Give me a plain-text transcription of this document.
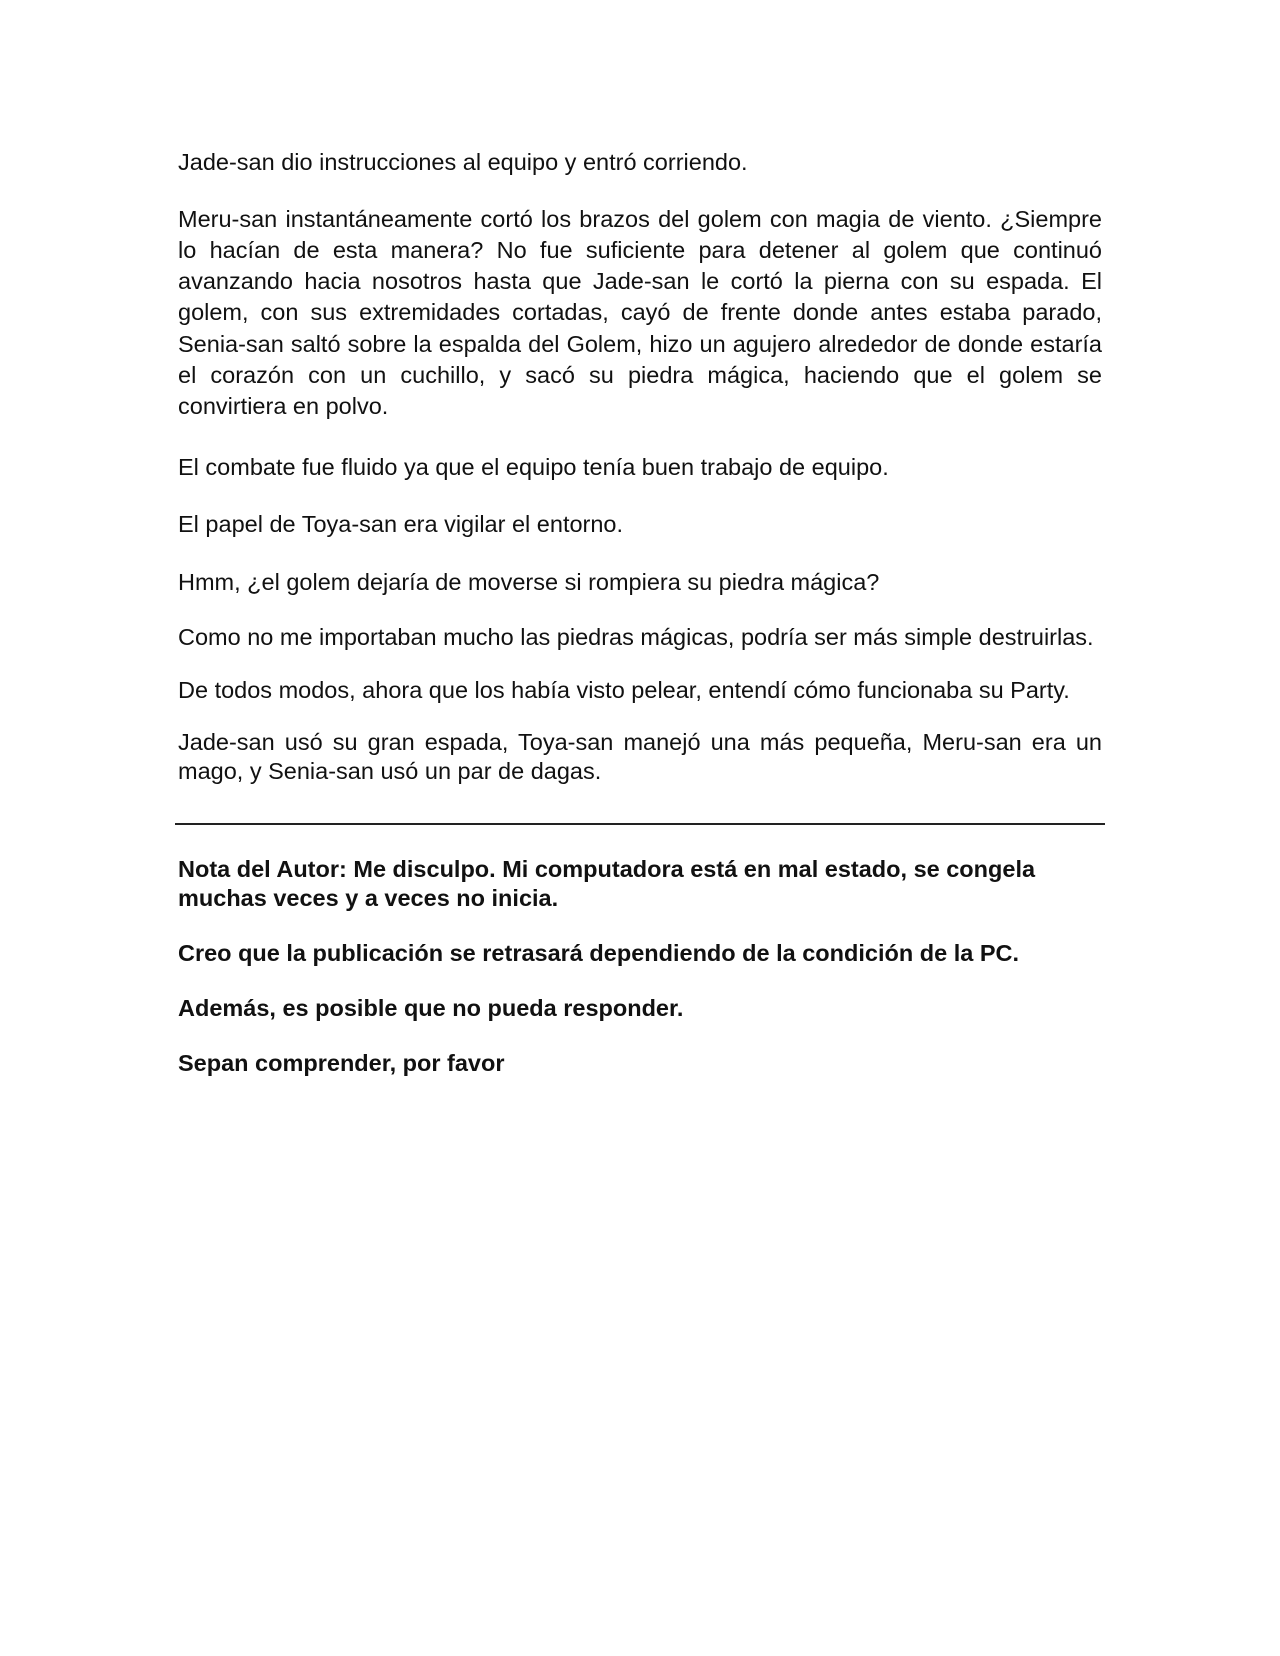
Jade-san dio instrucciones al equipo y entró corriendo.

Meru-san instantáneamente cortó los brazos del golem con magia de viento. ¿Siempre lo hacían de esta manera? No fue suficiente para detener al golem que continuó avanzando hacia nosotros hasta que Jade-san le cortó la pierna con su espada. El golem, con sus extremidades cortadas, cayó de frente donde antes estaba parado, Senia-san saltó sobre la espalda del Golem, hizo un agujero alrededor de donde estaría el corazón con un cuchillo, y sacó su piedra mágica, haciendo que el golem se convirtiera en polvo.

El combate fue fluido ya que el equipo tenía buen trabajo de equipo.

El papel de Toya-san era vigilar el entorno.

Hmm, ¿el golem dejaría de moverse si rompiera su piedra mágica?

Como no me importaban mucho las piedras mágicas, podría ser más simple destruirlas.

De todos modos, ahora que los había visto pelear, entendí cómo funcionaba su Party.

Jade-san usó su gran espada, Toya-san manejó una más pequeña, Meru-san era un mago, y Senia-san usó un par de dagas.

Nota del Autor: Me disculpo. Mi computadora está en mal estado, se congela muchas veces y a veces no inicia.

Creo que la publicación se retrasará dependiendo de la condición de la PC.

Además, es posible que no pueda responder.

Sepan comprender, por favor
